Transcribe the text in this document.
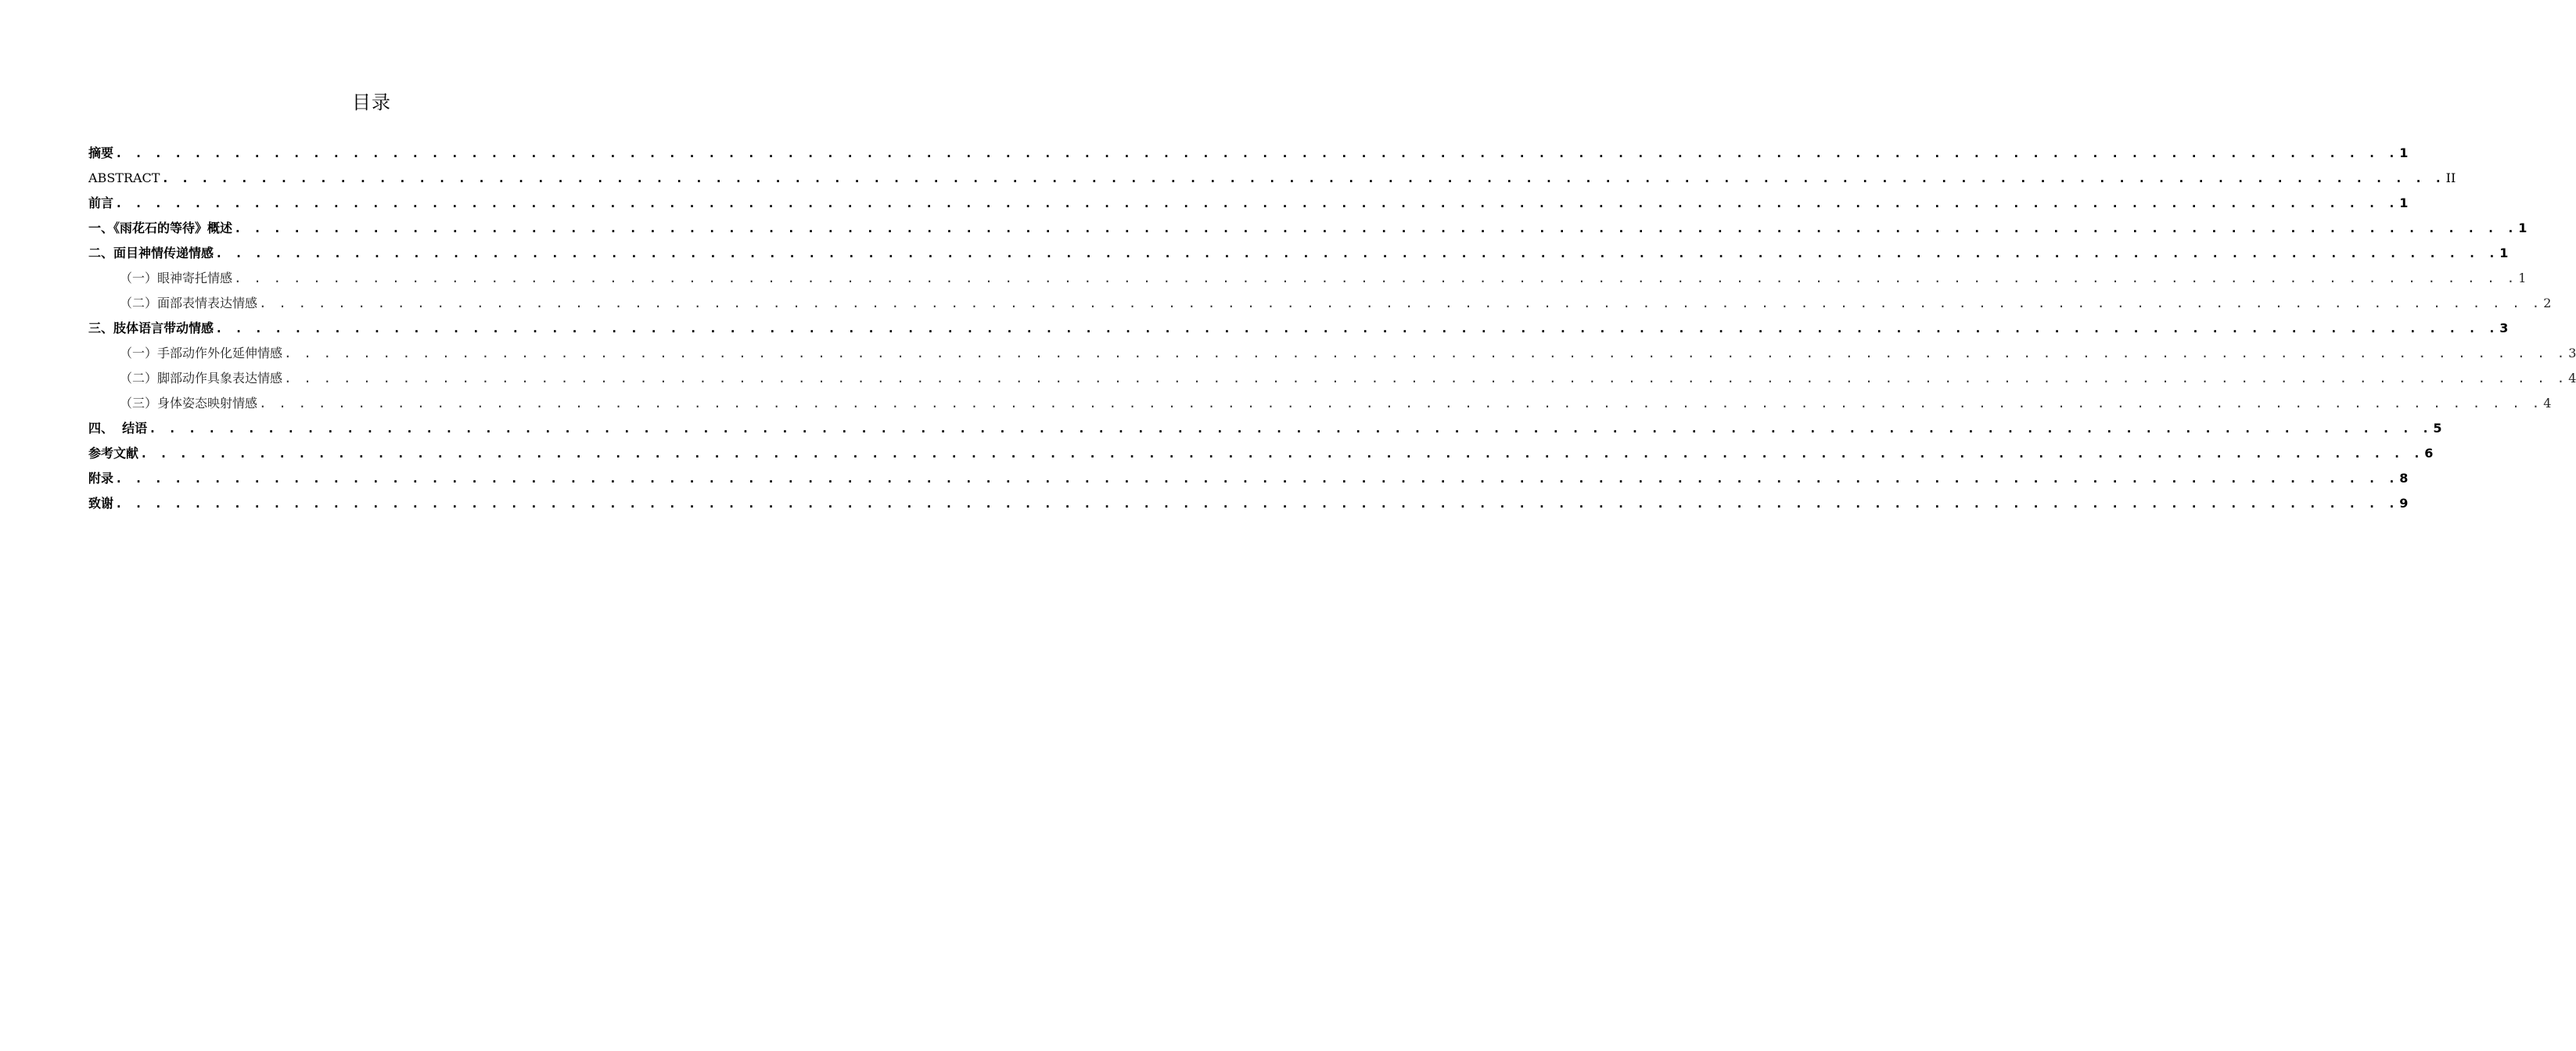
目录
摘要 . . . . . . . . . . . . . . . . . . . . . . . . . . . . . . . . . . . . . . . . . . . . . . . . . . . . . . . . . . . . . . . . . . . . . . . . . . . . . . . . . . . . . . . . . . . . . . . . . . . . . . . . . . . . . . . . . . . . 1
ABSTRACT . . . . . . . . . . . . . . . . . . . . . . . . . . . . . . . . . . . . . . . . . . . . . . . . . . . . . . . . . . . . . . . . . . . . . . . . . . . . . . . . . . . . . . . . . . . . . . . . . . . . . . . . . . . . . . . . . . . . II
前言 . . . . . . . . . . . . . . . . . . . . . . . . . . . . . . . . . . . . . . . . . . . . . . . . . . . . . . . . . . . . . . . . . . . . . . . . . . . . . . . . . . . . . . . . . . . . . . . . . . . . . . . . . . . . . . . . . . . . 1
一、《雨花石的等待》概述 . . . . . . . . . . . . . . . . . . . . . . . . . . . . . . . . . . . . . . . . . . . . . . . . . . . . . . . . . . . . . . . . . . . . . . . . . . . . . . . . . . . . . . . . . . . . . . . . . . . . . . . . . . . . . . . . . . . . 1
二、面目神情传递情感 . . . . . . . . . . . . . . . . . . . . . . . . . . . . . . . . . . . . . . . . . . . . . . . . . . . . . . . . . . . . . . . . . . . . . . . . . . . . . . . . . . . . . . . . . . . . . . . . . . . . . . . . . . . . . . . . . . . . 1
（一）眼神寄托情感 . . . . . . . . . . . . . . . . . . . . . . . . . . . . . . . . . . . . . . . . . . . . . . . . . . . . . . . . . . . . . . . . . . . . . . . . . . . . . . . . . . . . . . . . . . . . . . . . . . . . . . . . . . . . . . . . . . . . 1
（二）面部表情表达情感 . . . . . . . . . . . . . . . . . . . . . . . . . . . . . . . . . . . . . . . . . . . . . . . . . . . . . . . . . . . . . . . . . . . . . . . . . . . . . . . . . . . . . . . . . . . . . . . . . . . . . . . . . . . . . . . . . . . . 2
三、肢体语言带动情感 . . . . . . . . . . . . . . . . . . . . . . . . . . . . . . . . . . . . . . . . . . . . . . . . . . . . . . . . . . . . . . . . . . . . . . . . . . . . . . . . . . . . . . . . . . . . . . . . . . . . . . . . . . . . . . . . . . . . 3
（一）手部动作外化延伸情感 . . . . . . . . . . . . . . . . . . . . . . . . . . . . . . . . . . . . . . . . . . . . . . . . . . . . . . . . . . . . . . . . . . . . . . . . . . . . . . . . . . . . . . . . . . . . . . . . . . . . . . . . . . . . . . . . . . . . 3
（二）脚部动作具象表达情感 . . . . . . . . . . . . . . . . . . . . . . . . . . . . . . . . . . . . . . . . . . . . . . . . . . . . . . . . . . . . . . . . . . . . . . . . . . . . . . . . . . . . . . . . . . . . . . . . . . . . . . . . . . . . . . . . . . . . 4
（三）身体姿态映射情感 . . . . . . . . . . . . . . . . . . . . . . . . . . . . . . . . . . . . . . . . . . . . . . . . . . . . . . . . . . . . . . . . . . . . . . . . . . . . . . . . . . . . . . . . . . . . . . . . . . . . . . . . . . . . . . . . . . . . 4
四、  结语 . . . . . . . . . . . . . . . . . . . . . . . . . . . . . . . . . . . . . . . . . . . . . . . . . . . . . . . . . . . . . . . . . . . . . . . . . . . . . . . . . . . . . . . . . . . . . . . . . . . . . . . . . . . . . . . . . . . . 5
参考文献 . . . . . . . . . . . . . . . . . . . . . . . . . . . . . . . . . . . . . . . . . . . . . . . . . . . . . . . . . . . . . . . . . . . . . . . . . . . . . . . . . . . . . . . . . . . . . . . . . . . . . . . . . . . . . . . . . . . . 6
附录 . . . . . . . . . . . . . . . . . . . . . . . . . . . . . . . . . . . . . . . . . . . . . . . . . . . . . . . . . . . . . . . . . . . . . . . . . . . . . . . . . . . . . . . . . . . . . . . . . . . . . . . . . . . . . . . . . . . . 8
致谢 . . . . . . . . . . . . . . . . . . . . . . . . . . . . . . . . . . . . . . . . . . . . . . . . . . . . . . . . . . . . . . . . . . . . . . . . . . . . . . . . . . . . . . . . . . . . . . . . . . . . . . . . . . . . . . . . . . . . 9
